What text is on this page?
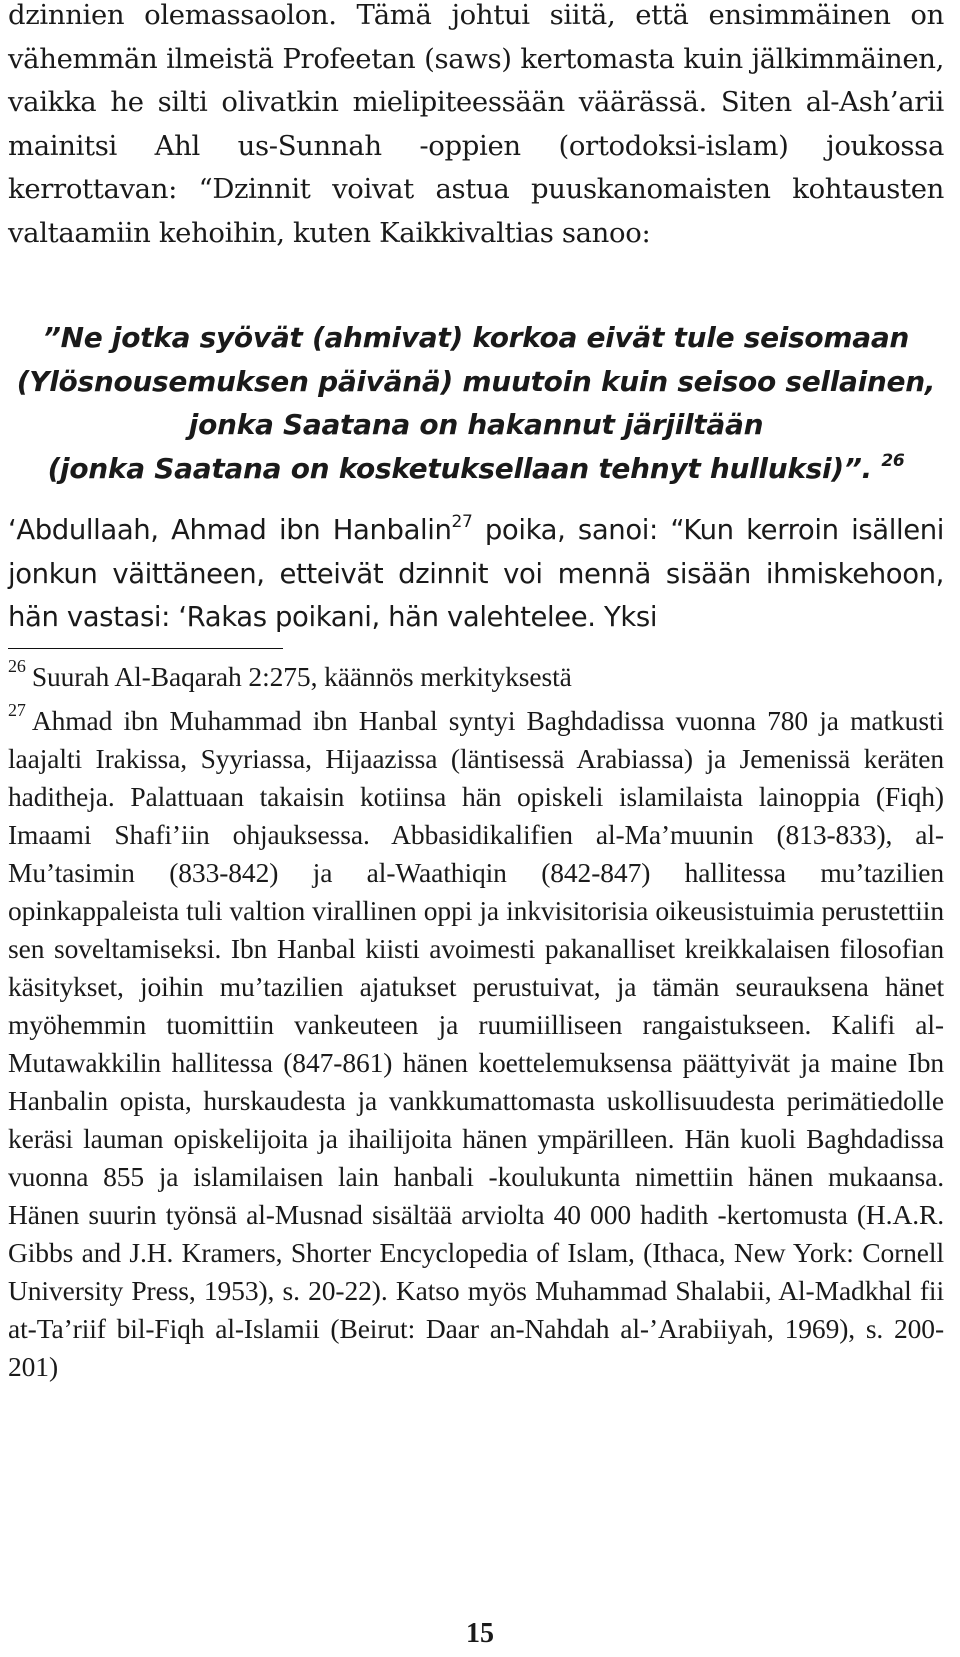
dzinnien olemassaolon. Tämä johtui siitä, että ensimmäinen on vähemmän ilmeistä Profeetan (saws) kertomasta kuin jälkimmäinen, vaikka he silti olivatkin mielipiteessään väärässä. Siten al-Ash’arii mainitsi Ahl us-Sunnah -oppien (ortodoksi-islam) joukossa kerrottavan: “Dzinnit voivat astua puuskanomaisten kohtausten valtaamiin kehoihin, kuten Kaikkivaltias sanoo:

”Ne jotka syövät (ahmivat) korkoa eivät tule seisomaan
(Ylösnousemuksen päivänä) muutoin kuin seisoo sellainen,
jonka Saatana on hakannut järjiltään
(jonka Saatana on kosketuksellaan tehnyt hulluksi)”. $^{26}$

‘Abdullaah, Ahmad ibn Hanbalin$^{27}$ poika, sanoi: “Kun kerroin isälleni jonkun väittäneen, etteivät dzinnit voi mennä sisään ihmiskehoon, hän vastasi: ‘Rakas poikani, hän valehtelee. Yksi

$^{26}$ Suurah Al-Baqarah 2:275, käännös merkityksestä

$^{27}$ Ahmad ibn Muhammad ibn Hanbal syntyi Baghdadissa vuonna 780 ja matkusti laajalti Irakissa, Syyriassa, Hijaazissa (läntisessä Arabiassa) ja Jemenissä keräten haditheja. Palattuaan takaisin kotiinsa hän opiskeli islamilaista lainoppia (Fiqh) Imaami Shafi’iin ohjauksessa. Abbasidikalifien al-Ma’muunin (813-833), al-Mu’tasimin (833-842) ja al-Waathiqin (842-847) hallitessa mu’tazilien opinkappaleista tuli valtion virallinen oppi ja inkvisitorisia oikeusistuimia perustettiin sen soveltamiseksi. Ibn Hanbal kiisti avoimesti pakanalliset kreikkalaisen filosofian käsitykset, joihin mu’tazilien ajatukset perustuivat, ja tämän seurauksena hänet myöhemmin tuomittiin vankeuteen ja ruumiilliseen rangaistukseen. Kalifi al-Mutawakkilin hallitessa (847-861) hänen koettelemuksensa päättyivät ja maine Ibn Hanbalin opista, hurskaudesta ja vankkumattomasta uskollisuudesta perimätiedolle keräsi lauman opiskelijoita ja ihailijoita hänen ympärilleen. Hän kuoli Baghdadissa vuonna 855 ja islamilaisen lain hanbali -koulukunta nimettiin hänen mukaansa. Hänen suurin työnsä al-Musnad sisältää arviolta 40 000 hadith -kertomusta (H.A.R. Gibbs and J.H. Kramers, Shorter Encyclopedia of Islam, (Ithaca, New York: Cornell University Press, 1953), s. 20-22). Katso myös Muhammad Shalabii, Al-Madkhal fii at-Ta’riif bil-Fiqh al-Islamii (Beirut: Daar an-Nahdah al-’Arabiiyah, 1969), s. 200-201)

15
